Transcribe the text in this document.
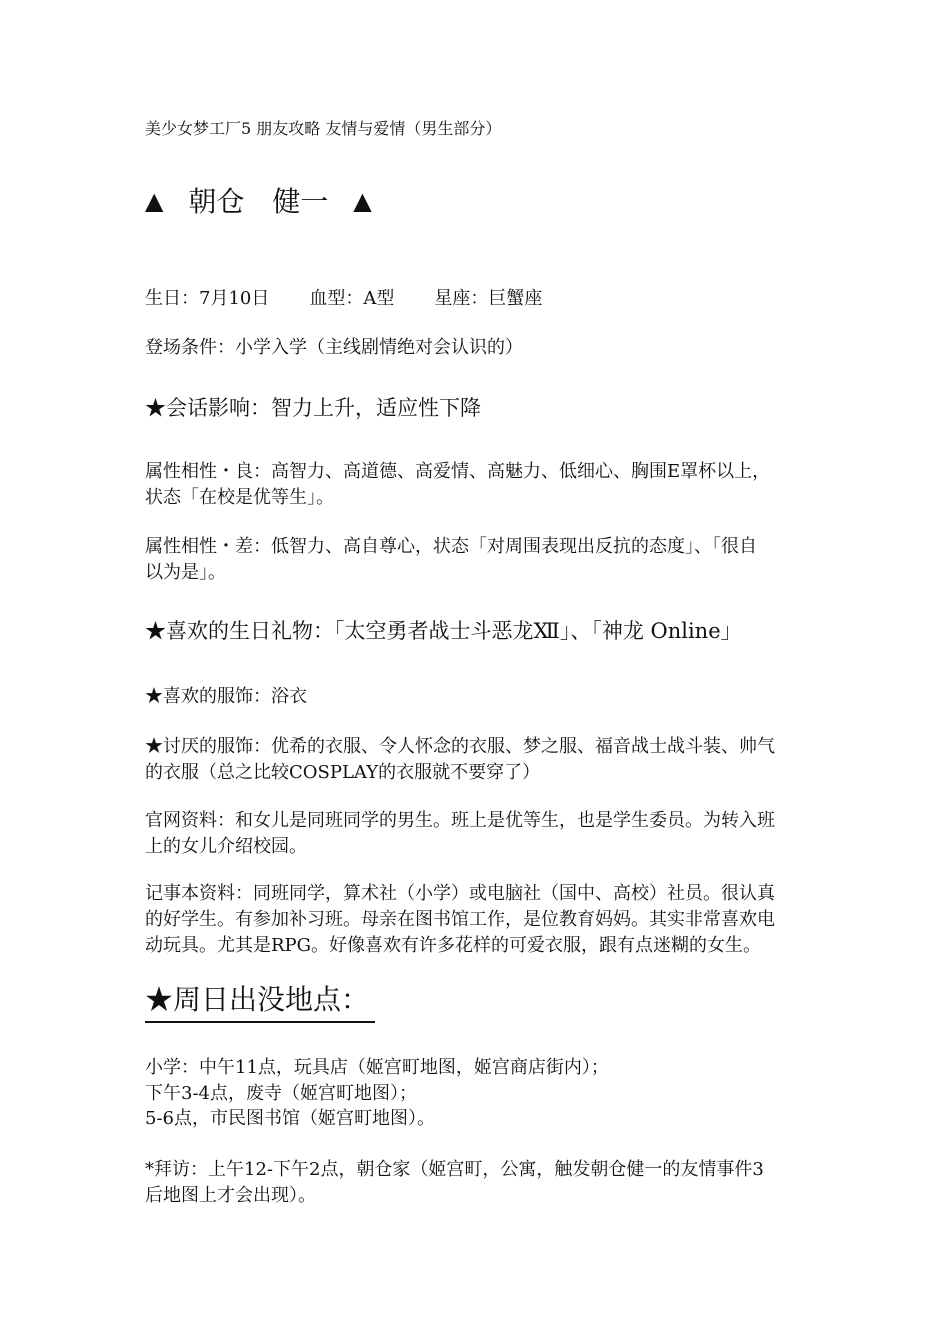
美少女梦工厂5 朋友攻略 友情与爱情（男生部分）
▲ 朝仓　健一 ▲
生日：7月10日 血型：A型 星座：巨蟹座
登场条件：小学入学（主线剧情绝对会认识的）
★会话影响：智力上升，适应性下降
属性相性・良：高智力、高道德、高爱情、高魅力、低细心、胸围E罩杯以上，
状态「在校是优等生」。
属性相性・差：低智力、高自尊心，状态「对周围表现出反抗的态度」、「很自
以为是」。
★喜欢的生日礼物：「太空勇者战士斗恶龙Ⅻ」、「神龙 Online」
★喜欢的服饰：浴衣
★讨厌的服饰：优希的衣服、令人怀念的衣服、梦之服、福音战士战斗装、帅气
的衣服（总之比较COSPLAY的衣服就不要穿了）
官网资料：和女儿是同班同学的男生。班上是优等生，也是学生委员。为转入班
上的女儿介绍校园。
记事本资料：同班同学，算术社（小学）或电脑社（国中、高校）社员。很认真
的好学生。有参加补习班。母亲在图书馆工作，是位教育妈妈。其实非常喜欢电
动玩具。尤其是RPG。好像喜欢有许多花样的可爱衣服，跟有点迷糊的女生。
★周日出没地点：
小学：中午11点，玩具店（姬宫町地图，姬宫商店街内）；
下午3-4点，废寺（姬宫町地图）；
5-6点，市民图书馆（姬宫町地图）。
*拜访：上午12-下午2点，朝仓家（姬宫町，公寓，触发朝仓健一的友情事件3
后地图上才会出现）。
